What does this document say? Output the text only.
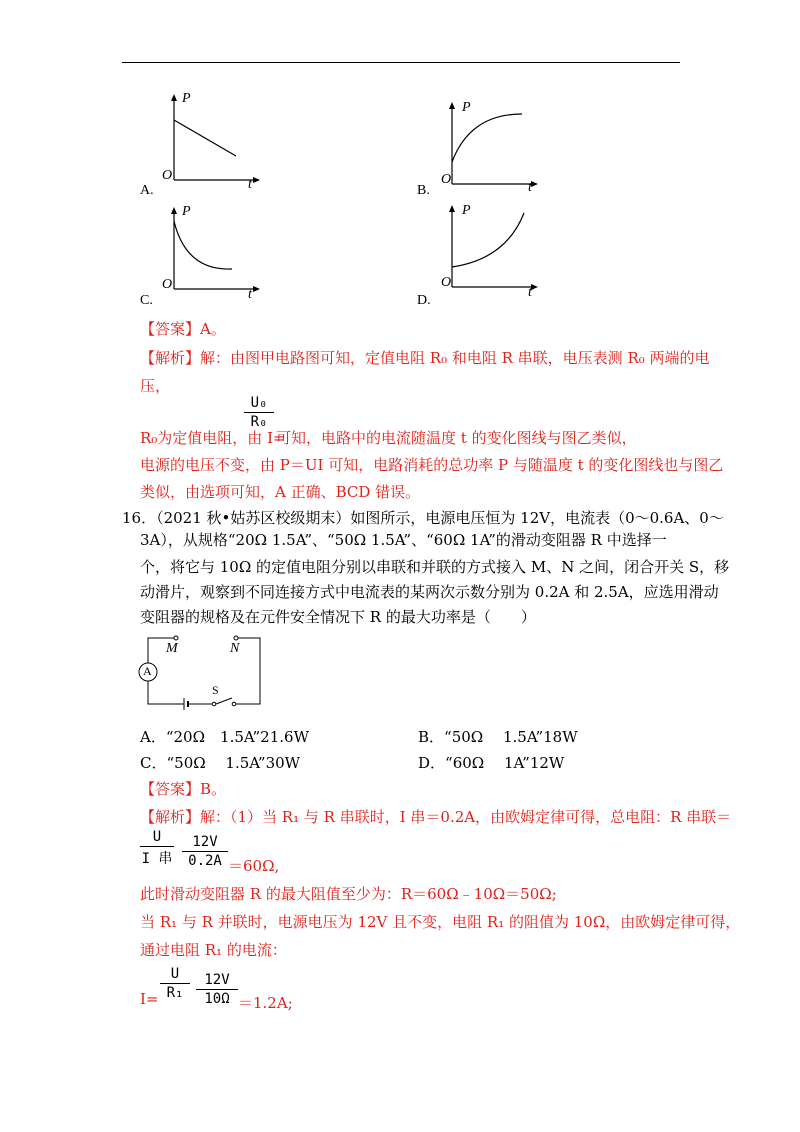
P
O
t
A.
P
O
t
B.
P
O
t
C.
P
O
t
D.
【答案】A。
【解析】解：由图甲电路图可知，定值电阻 R₀ 和电阻 R 串联，电压表测 R₀ 两端的电
压，
U₀
R₀
R₀为定值电阻，由 I=
可知，电路中的电流随温度 t 的变化图线与图乙类似，
电源的电压不变，由 P＝UI 可知，电路消耗的总功率 P 与随温度 t 的变化图线也与图乙
类似，由选项可知，A 正确、BCD 错误。
16．（2021 秋•姑苏区校级期末）如图所示，电源电压恒为 12V，电流表（0～0.6A、0～
3A），从规格“20Ω 1.5A”、“50Ω 1.5A”、“60Ω 1A”的滑动变阻器 R 中选择一
个，将它与 10Ω 的定值电阻分别以串联和并联的方式接入 M、N 之间，闭合开关 S，移
动滑片，观察到不同连接方式中电流表的某两次示数分别为 0.2A 和 2.5A，应选用滑动
变阻器的规格及在元件安全情况下 R 的最大功率是（　　）
M	N
A
S
A．“20Ω　1.5A”21.6W	B．“50Ω　 1.5A”18W
C．“50Ω　 1.5A”30W	D．“60Ω　 1A”12W
【答案】B。
【解析】解：（1）当 R₁ 与 R 串联时，I 串＝0.2A，由欧姆定律可得，总电阻：R 串联＝
U
I 串
12V
0.2A ＝60Ω,
此时滑动变阻器 R 的最大阻值至少为：R＝60Ω﹣10Ω＝50Ω;
当 R₁ 与 R 并联时，电源电压为 12V 且不变，电阻 R₁ 的阻值为 10Ω，由欧姆定律可得，
通过电阻 R₁ 的电流：
I=
U
R₁
12V
10Ω ＝1.2A;
